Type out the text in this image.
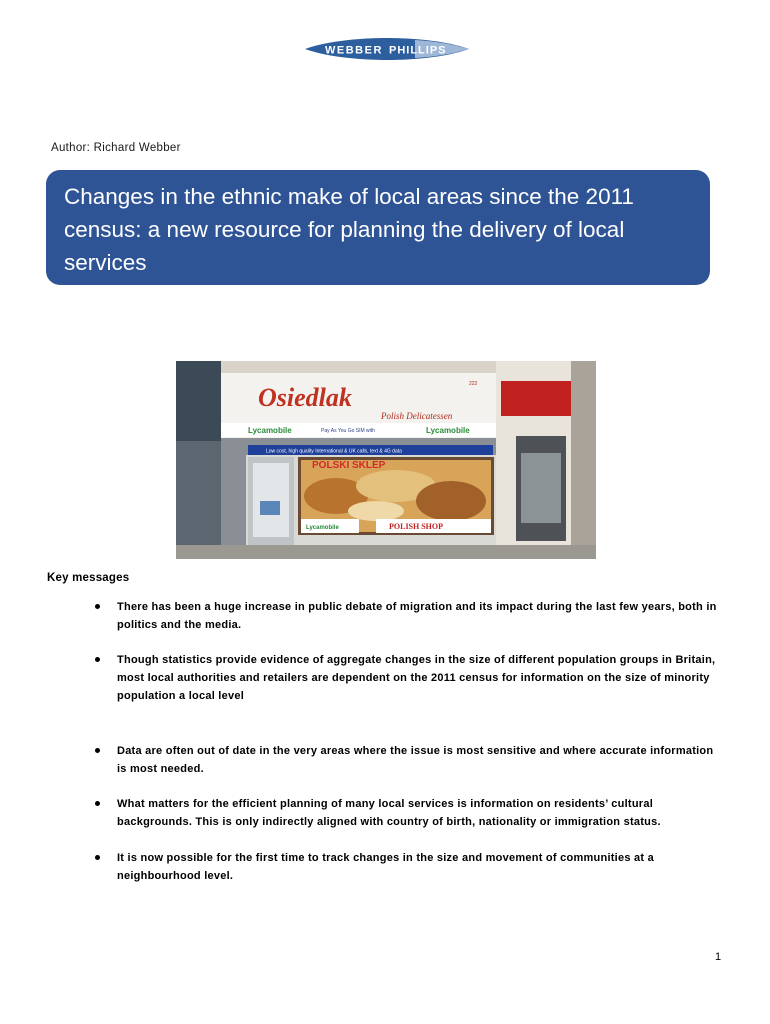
WEBBER PHILLIPS
Author: Richard Webber
Changes in the ethnic make of local areas since the 2011 census: a new resource for planning the delivery of local services
Osiedlak
Polish Delicatessen
222
Lycamobile	Pay As You Go SIM with	Lycamobile
Low cost, high quality International & UK calls, text & 4G data
POLSKI SKLEP
POLISH SHOP
Lycamobile
Key messages
There has been a huge increase in public debate of migration and its impact during the last few years, both in politics and the media.
Though statistics provide evidence of aggregate changes in the size of different population groups in Britain, most local authorities and retailers are dependent on the 2011 census for information on the size of minority population a local level
Data are often out of date in the very areas where the issue is most sensitive and where accurate information is most needed.
What matters for the efficient planning of many local services is information on residents’ cultural backgrounds. This is only indirectly aligned with country of birth, nationality or immigration status.
It is now possible for the first time to track changes in the size and movement of communities at a neighbourhood level.
1
